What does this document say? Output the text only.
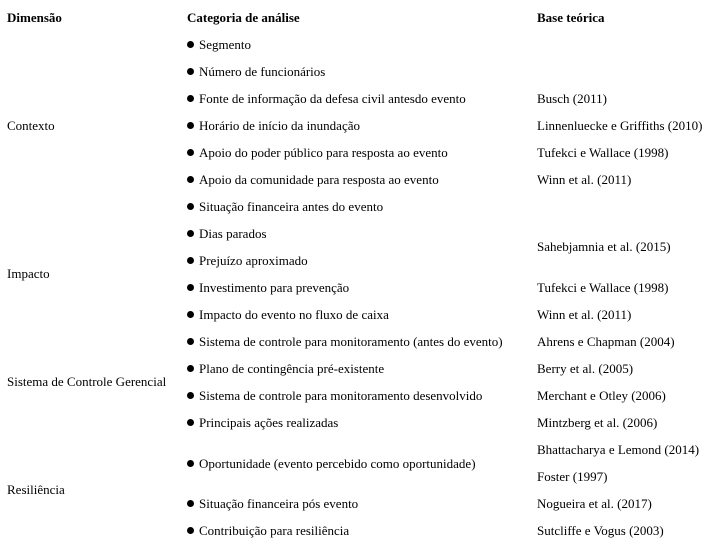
Dimensão	Categoria de análise	Base teórica
Contexto
Impacto
Sistema de Controle Gerencial
Resiliência
Segmento
Número de funcionários
Fonte de informação da defesa civil antesdo evento
Horário de início da inundação
Apoio do poder público para resposta ao evento
Apoio da comunidade para resposta ao evento
Situação financeira antes do evento
Dias parados
Prejuízo aproximado
Investimento para prevenção
Impacto do evento no fluxo de caixa
Sistema de controle para monitoramento (antes do evento)
Plano de contingência pré-existente
Sistema de controle para monitoramento desenvolvido
Principais ações realizadas
Oportunidade (evento percebido como oportunidade)
Situação financeira pós evento
Contribuição para resiliência
Busch (2011)
Linnenluecke e Griffiths (2010)
Tufekci e Wallace (1998)
Winn et al. (2011)
Sahebjamnia et al. (2015)
Tufekci e Wallace (1998)
Winn et al. (2011)
Ahrens e Chapman (2004)
Berry et al. (2005)
Merchant e Otley (2006)
Mintzberg et al. (2006)
Bhattacharya e Lemond (2014)
Foster (1997)
Nogueira et al. (2017)
Sutcliffe e Vogus (2003)
